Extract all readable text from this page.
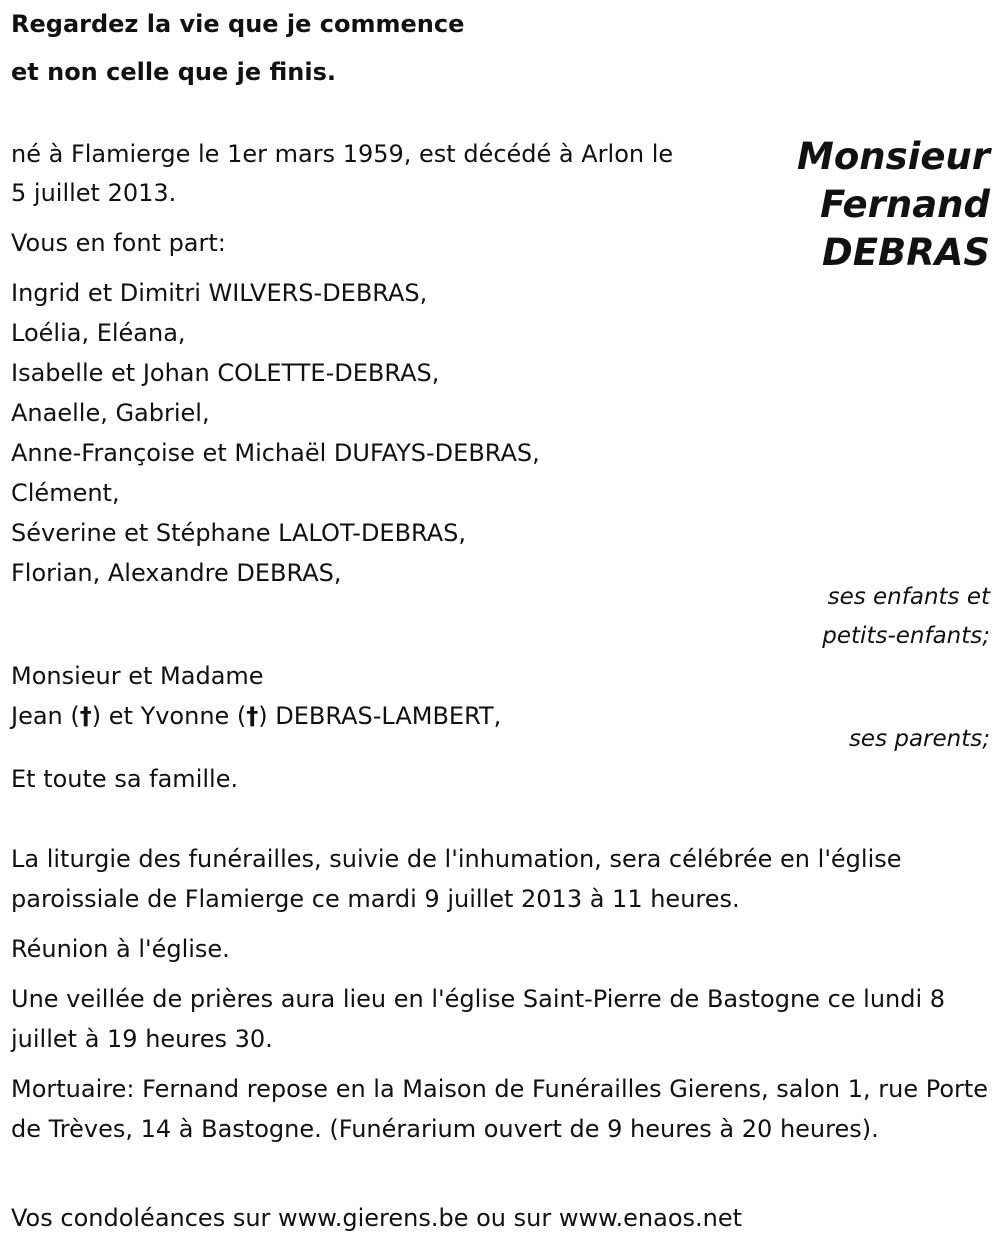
Regardez la vie que je commence
et non celle que je finis.
Monsieur
Fernand
DEBRAS
né à Flamierge le 1er mars 1959, est décédé à Arlon le
5 juillet 2013.
Vous en font part:
Ingrid et Dimitri WILVERS-DEBRAS,
Loélia, Eléana,
Isabelle et Johan COLETTE-DEBRAS,
Anaelle, Gabriel,
Anne-Françoise et Michaël DUFAYS-DEBRAS,
Clément,
Séverine et Stéphane LALOT-DEBRAS,
Florian, Alexandre DEBRAS,
ses enfants et
petits-enfants;
Monsieur et Madame
Jean (†) et Yvonne (†) DEBRAS-LAMBERT,
ses parents;
Et toute sa famille.
La liturgie des funérailles, suivie de l'inhumation, sera célébrée en l'église paroissiale de Flamierge ce mardi 9 juillet 2013 à 11 heures.
Réunion à l'église.
Une veillée de prières aura lieu en l'église Saint-Pierre de Bastogne ce lundi 8 juillet à 19 heures 30.
Mortuaire: Fernand repose en la Maison de Funérailles Gierens, salon 1, rue Porte de Trèves, 14 à Bastogne. (Funérarium ouvert de 9 heures à 20 heures).
Vos condoléances sur www.gierens.be ou sur www.enaos.net
